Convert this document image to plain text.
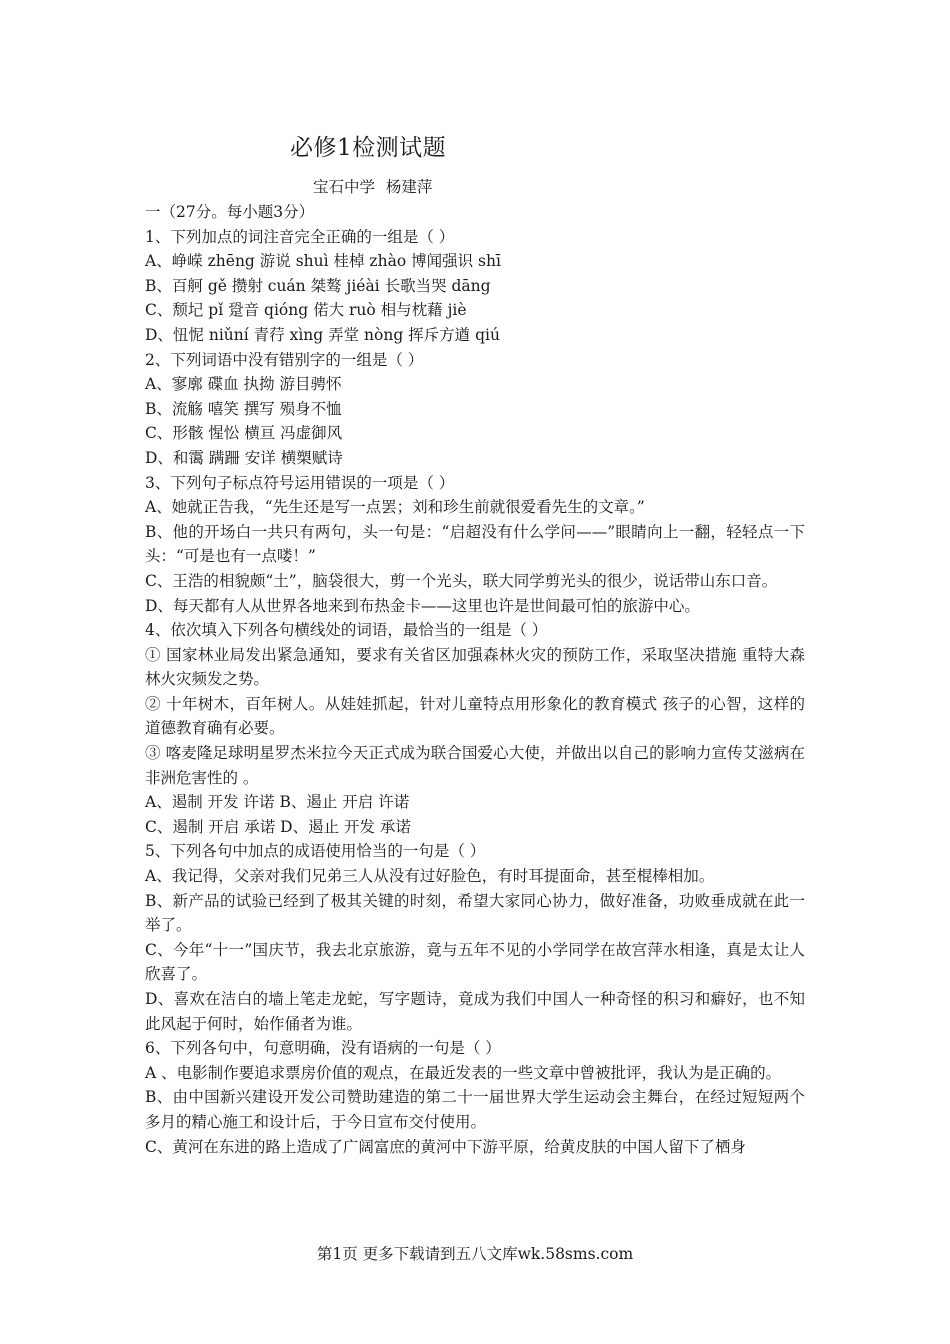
必修1检测试题
宝石中学 杨建萍
一（27分。每小题3分）
1、下列加点的词注音完全正确的一组是（ ）
A、峥嵘 zhēng 游说 shuì 桂棹 zhào 博闻强识 shī
B、百舸 gě 攒射 cuán 桀骜 jiéài 长歌当哭 dāng
C、颓圮 pǐ 跫音 qióng 偌大 ruò 相与枕藉 jiè
D、忸怩 niǔní 青荇 xìng 弄堂 nòng 挥斥方遒 qiú
2、下列词语中没有错别字的一组是（ ）
A、寥廓 碟血 执拗 游目骋怀
B、流觞 嘻笑 撰写 殒身不恤
C、形骸 惺忪 横亘 冯虚御风
D、和霭 蹒跚 安详 横槊赋诗
3、下列句子标点符号运用错误的一项是（ ）
A、她就正告我，“先生还是写一点罢；刘和珍生前就很爱看先生的文章。”
B、他的开场白一共只有两句，头一句是：“启超没有什么学问——”眼睛向上一翻，轻轻点一下头：“可是也有一点喽！”
C、王浩的相貌颇“土”，脑袋很大，剪一个光头，联大同学剪光头的很少，说话带山东口音。
D、每天都有人从世界各地来到布热金卡——这里也许是世间最可怕的旅游中心。
4、依次填入下列各句横线处的词语，最恰当的一组是（ ）
① 国家林业局发出紧急通知，要求有关省区加强森林火灾的预防工作，采取坚决措施 重特大森林火灾频发之势。
② 十年树木，百年树人。从娃娃抓起，针对儿童特点用形象化的教育模式 孩子的心智，这样的道德教育确有必要。
③ 喀麦隆足球明星罗杰米拉今天正式成为联合国爱心大使，并做出以自己的影响力宣传艾滋病在非洲危害性的 。
A、遏制 开发 许诺 B、遏止 开启 许诺
C、遏制 开启 承诺 D、遏止 开发 承诺
5、下列各句中加点的成语使用恰当的一句是（ ）
A、我记得，父亲对我们兄弟三人从没有过好脸色，有时耳提面命，甚至棍棒相加。
B、新产品的试验已经到了极其关键的时刻，希望大家同心协力，做好准备，功败垂成就在此一举了。
C、今年“十一”国庆节，我去北京旅游，竟与五年不见的小学同学在故宫萍水相逢，真是太让人欣喜了。
D、喜欢在洁白的墙上笔走龙蛇，写字题诗，竟成为我们中国人一种奇怪的积习和癖好，也不知此风起于何时，始作俑者为谁。
6、下列各句中，句意明确，没有语病的一句是（ ）
A 、电影制作要追求票房价值的观点，在最近发表的一些文章中曾被批评，我认为是正确的。
B、由中国新兴建设开发公司赞助建造的第二十一届世界大学生运动会主舞台，在经过短短两个多月的精心施工和设计后，于今日宣布交付使用。
C、黄河在东进的路上造成了广阔富庶的黄河中下游平原，给黄皮肤的中国人留下了栖身
第1页 更多下载请到五八文库wk.58sms.com
